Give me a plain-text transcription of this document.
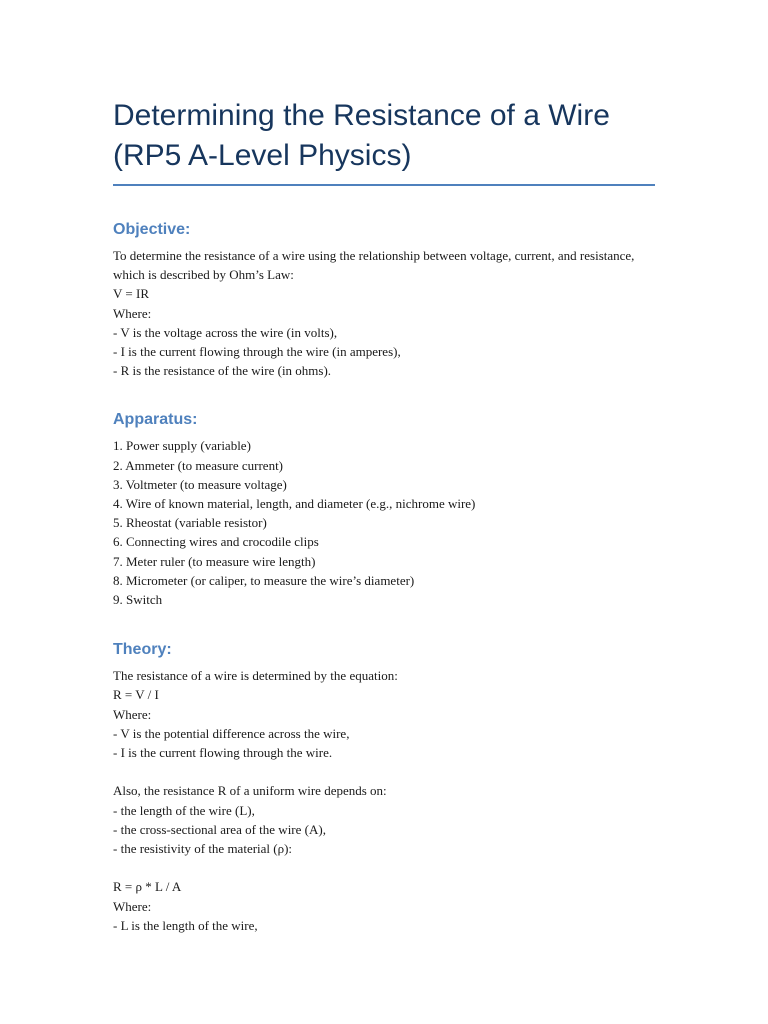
Determining the Resistance of a Wire (RP5 A-Level Physics)
Objective:
To determine the resistance of a wire using the relationship between voltage, current, and resistance, which is described by Ohm’s Law:
V = IR
Where:
- V is the voltage across the wire (in volts),
- I is the current flowing through the wire (in amperes),
- R is the resistance of the wire (in ohms).
Apparatus:
1. Power supply (variable)
2. Ammeter (to measure current)
3. Voltmeter (to measure voltage)
4. Wire of known material, length, and diameter (e.g., nichrome wire)
5. Rheostat (variable resistor)
6. Connecting wires and crocodile clips
7. Meter ruler (to measure wire length)
8. Micrometer (or caliper, to measure the wire’s diameter)
9. Switch
Theory:
The resistance of a wire is determined by the equation:
R = V / I
Where:
- V is the potential difference across the wire,
- I is the current flowing through the wire.
Also, the resistance R of a uniform wire depends on:
- the length of the wire (L),
- the cross-sectional area of the wire (A),
- the resistivity of the material (ρ):
R = ρ * L / A
Where:
- L is the length of the wire,
